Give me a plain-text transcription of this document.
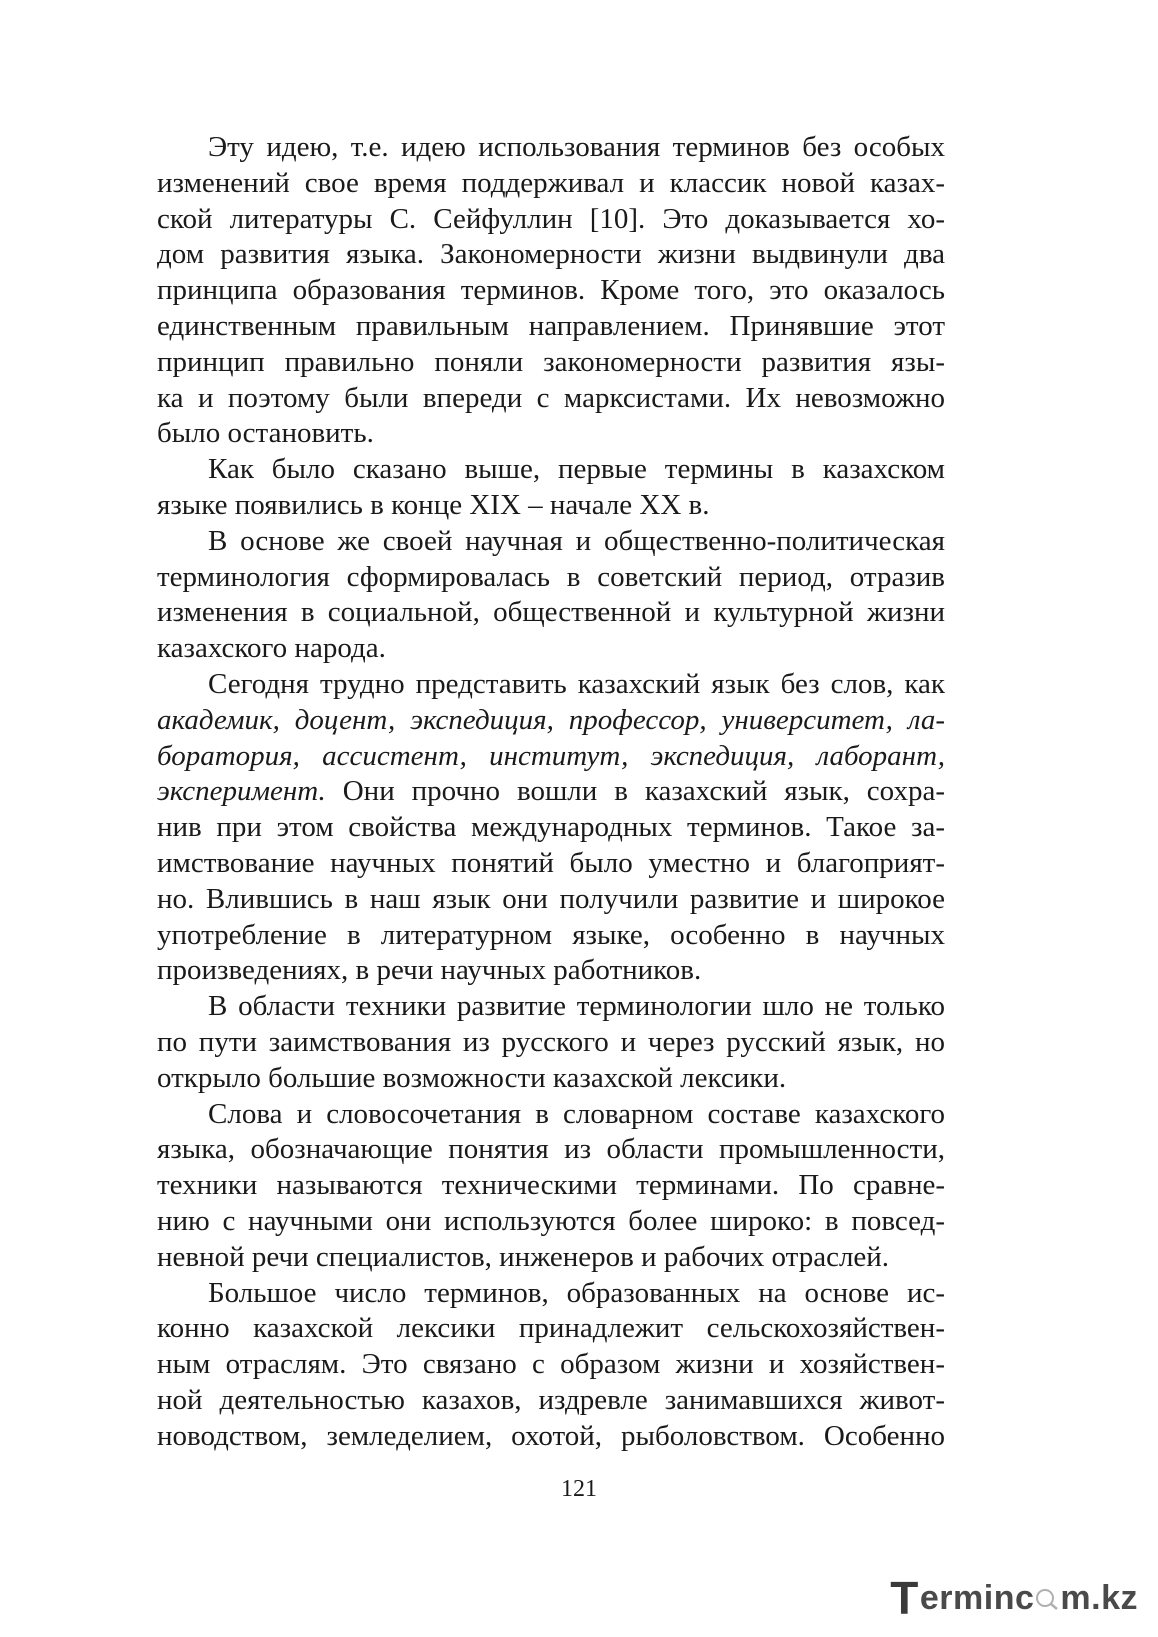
Эту идею, т.е. идею использования терминов без особых
изменений свое время поддерживал и классик новой казах-
ской литературы С. Сейфуллин [10]. Это доказывается хо-
дом развития языка. Закономерности жизни выдвинули два
принципа образования терминов. Кроме того, это оказалось
единственным правильным направлением. Принявшие этот
принцип правильно поняли закономерности развития язы-
ка и поэтому были впереди с марксистами. Их невозможно
было остановить.
Как было сказано выше, первые термины в казахском
языке появились в конце XIX – начале XX в.
В основе же своей научная и общественно-политическая
терминология сформировалась в советский период, отразив
изменения в социальной, общественной и культурной жизни
казахского народа.
Сегодня трудно представить казахский язык без слов, как
академик, доцент, экспедиция, профессор, университет, ла-
боратория, ассистент, институт, экспедиция, лаборант,
эксперимент. Они прочно вошли в казахский язык, сохра-
нив при этом свойства международных терминов. Такое за-
имствование научных понятий было уместно и благоприят-
но. Влившись в наш язык они получили развитие и широкое
употребление в литературном языке, особенно в научных
произведениях, в речи научных работников.
В области техники развитие терминологии шло не только
по пути заимствования из русского и через русский язык, но
открыло большие возможности казахской лексики.
Слова и словосочетания в словарном составе казахского
языка, обозначающие понятия из области промышленности,
техники называются техническими терминами. По сравне-
нию с научными они используются более широко: в повсед-
невной речи специалистов, инженеров и рабочих отраслей.
Большое число терминов, образованных на основе ис-
конно казахской лексики принадлежит сельскохозяйствен-
ным отраслям. Это связано с образом жизни и хозяйствен-
ной деятельностью казахов, издревле занимавшихся живот-
новодством, земледелием, охотой, рыболовством. Особенно
121
T ermin c m.kz
